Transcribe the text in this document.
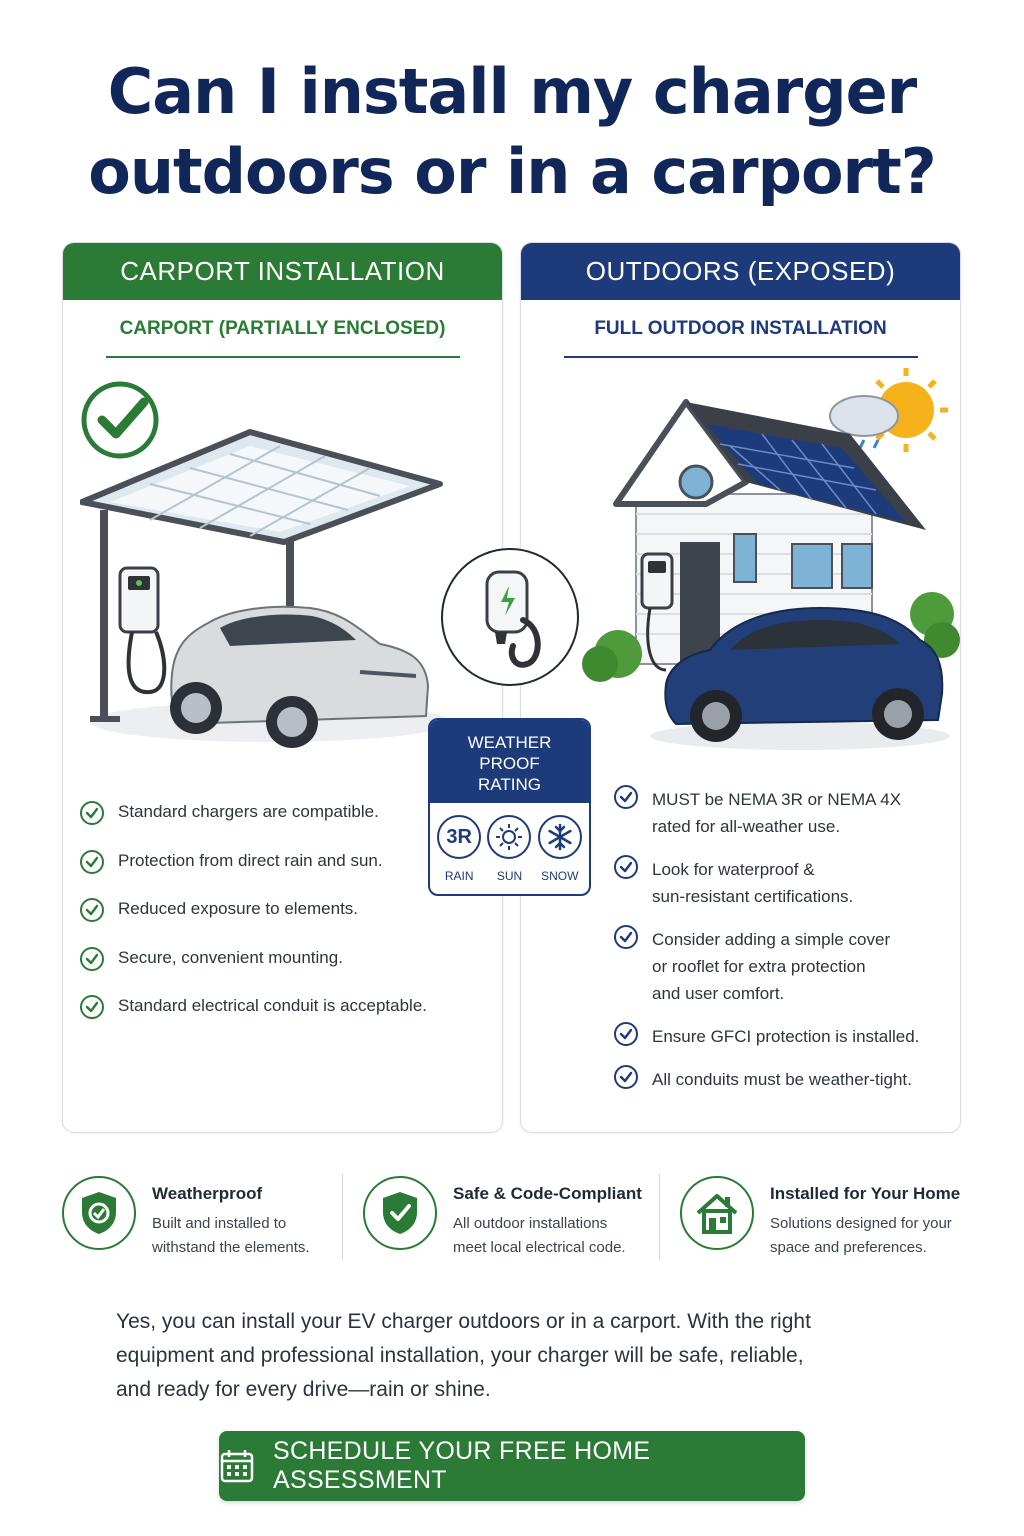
Can I install my charger
outdoors or in a carport?
CARPORT INSTALLATION
CARPORT (PARTIALLY ENCLOSED)
OUTDOORS (EXPOSED)
FULL OUTDOOR INSTALLATION
WEATHER PROOF
RATING
3R
RAIN SUN SNOW
Standard chargers are compatible.
Protection from direct rain and sun.
Reduced exposure to elements.
Secure, convenient mounting.
Standard electrical conduit is acceptable.
MUST be NEMA 3R or NEMA 4X
rated for all-weather use.
Look for waterproof &
sun-resistant certifications.
Consider adding a simple cover
or rooflet for extra protection
and user comfort.
Ensure GFCI protection is installed.
All conduits must be weather-tight.
Weatherproof
Built and installed to
withstand the elements.
Safe & Code-Compliant
All outdoor installations
meet local electrical code.
Installed for Your Home
Solutions designed for your
space and preferences.

Yes, you can install your EV charger outdoors or in a carport. With the right
equipment and professional installation, your charger will be safe, reliable,
and ready for every drive—rain or shine.

SCHEDULE YOUR FREE HOME ASSESSMENT
